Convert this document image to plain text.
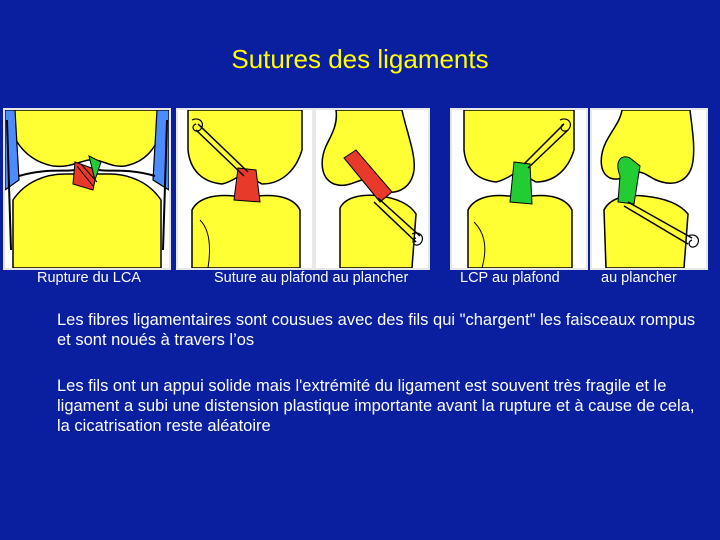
Sutures des ligaments
Rupture du LCA	Suture au plafond au plancher	LCP au plafond	au plancher
Les fibres ligamentaires sont cousues avec des fils qui "chargent" les faisceaux rompus et sont noués à travers l’os
Les fils ont un appui solide mais l'extrémité du ligament est souvent très fragile et le ligament a subi une distension plastique importante avant la rupture et à cause de cela, la cicatrisation reste aléatoire
